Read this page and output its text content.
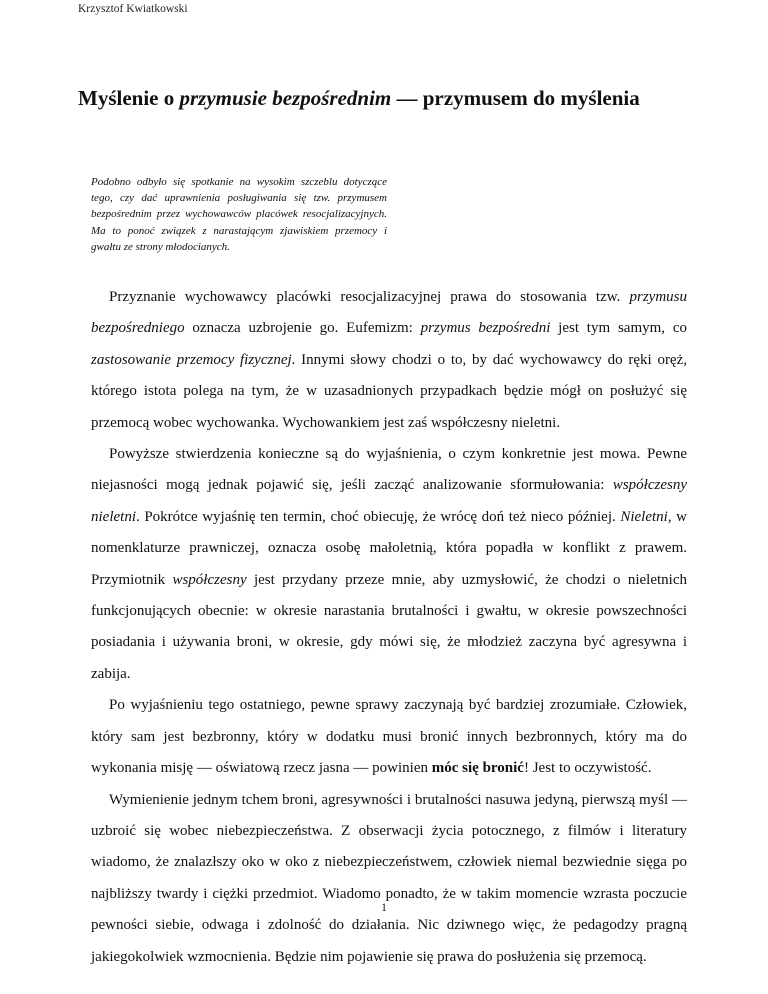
Krzysztof Kwiatkowski
Myślenie o przymusie bezpośrednim — przymusem do myślenia

Podobno odbyło się spotkanie na wysokim szczeblu dotyczące tego, czy dać uprawnienia posługiwania się tzw. przymusem bezpośrednim przez wychowawców placówek resocjalizacyjnych. Ma to ponoć związek z narastającym zjawiskiem przemocy i gwałtu ze strony młodocianych.

Przyznanie wychowawcy placówki resocjalizacyjnej prawa do stosowania tzw. przymusu bezpośredniego oznacza uzbrojenie go. Eufemizm: przymus bezpośredni jest tym samym, co zastosowanie przemocy fizycznej. Innymi słowy chodzi o to, by dać wychowawcy do ręki oręż, którego istota polega na tym, że w uzasadnionych przypadkach będzie mógł on posłużyć się przemocą wobec wychowanka. Wychowankiem jest zaś współczesny nieletni.

Powyższe stwierdzenia konieczne są do wyjaśnienia, o czym konkretnie jest mowa. Pewne niejasności mogą jednak pojawić się, jeśli zacząć analizowanie sformułowania: współczesny nieletni. Pokrótce wyjaśnię ten termin, choć obiecuję, że wrócę doń też nieco później. Nieletni, w nomenklaturze prawniczej, oznacza osobę małoletnią, która popadła w konflikt z prawem. Przymiotnik współczesny jest przydany przeze mnie, aby uzmysłowić, że chodzi o nieletnich funkcjonujących obecnie: w okresie narastania brutalności i gwałtu, w okresie powszechności posiadania i używania broni, w okresie, gdy mówi się, że młodzież zaczyna być agresywna i zabija.

Po wyjaśnieniu tego ostatniego, pewne sprawy zaczynają być bardziej zrozumiałe. Człowiek, który sam jest bezbronny, który w dodatku musi bronić innych bezbronnych, który ma do wykonania misję — oświatową rzecz jasna — powinien móc się bronić! Jest to oczywistość.

Wymienienie jednym tchem broni, agresywności i brutalności nasuwa jedyną, pierwszą myśl — uzbroić się wobec niebezpieczeństwa. Z obserwacji życia potocznego, z filmów i literatury wiadomo, że znalazłszy oko w oko z niebezpieczeństwem, człowiek niemal bezwiednie sięga po najbliższy twardy i ciężki przedmiot. Wiadomo ponadto, że w takim momencie wzrasta poczucie pewności siebie, odwaga i zdolność do działania. Nic dziwnego więc, że pedagodzy pragną jakiegokolwiek wzmocnienia. Będzie nim pojawienie się prawa do posłużenia się przemocą.

1
